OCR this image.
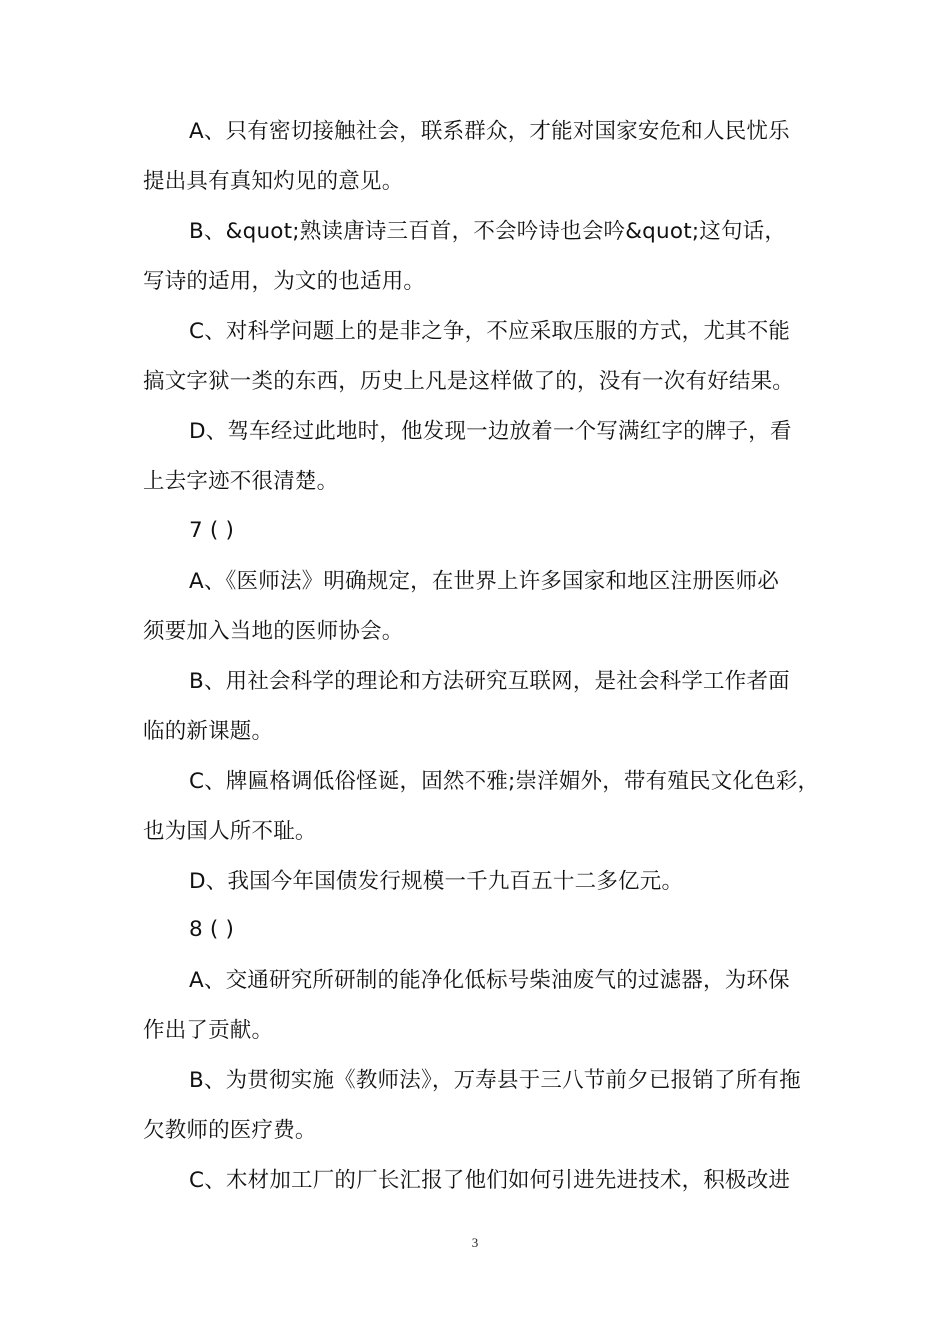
A、只有密切接触社会，联系群众，才能对国家安危和人民忧乐
提出具有真知灼见的意见。
B、&quot;熟读唐诗三百首，不会吟诗也会吟&quot;这句话，
写诗的适用，为文的也适用。
C、对科学问题上的是非之争，不应采取压服的方式，尤其不能
搞文字狱一类的东西，历史上凡是这样做了的，没有一次有好结果。
D、驾车经过此地时，他发现一边放着一个写满红字的牌子，看
上去字迹不很清楚。
7 ( )
A、《医师法》明确规定，在世界上许多国家和地区注册医师必
须要加入当地的医师协会。
B、用社会科学的理论和方法研究互联网，是社会科学工作者面
临的新课题。
C、牌匾格调低俗怪诞，固然不雅;崇洋媚外，带有殖民文化色彩，
也为国人所不耻。
D、我国今年国债发行规模一千九百五十二多亿元。
8 ( )
A、交通研究所研制的能净化低标号柴油废气的过滤器，为环保
作出了贡献。
B、为贯彻实施《教师法》，万寿县于三八节前夕已报销了所有拖
欠教师的医疗费。
C、木材加工厂的厂长汇报了他们如何引进先进技术，积极改进
3
